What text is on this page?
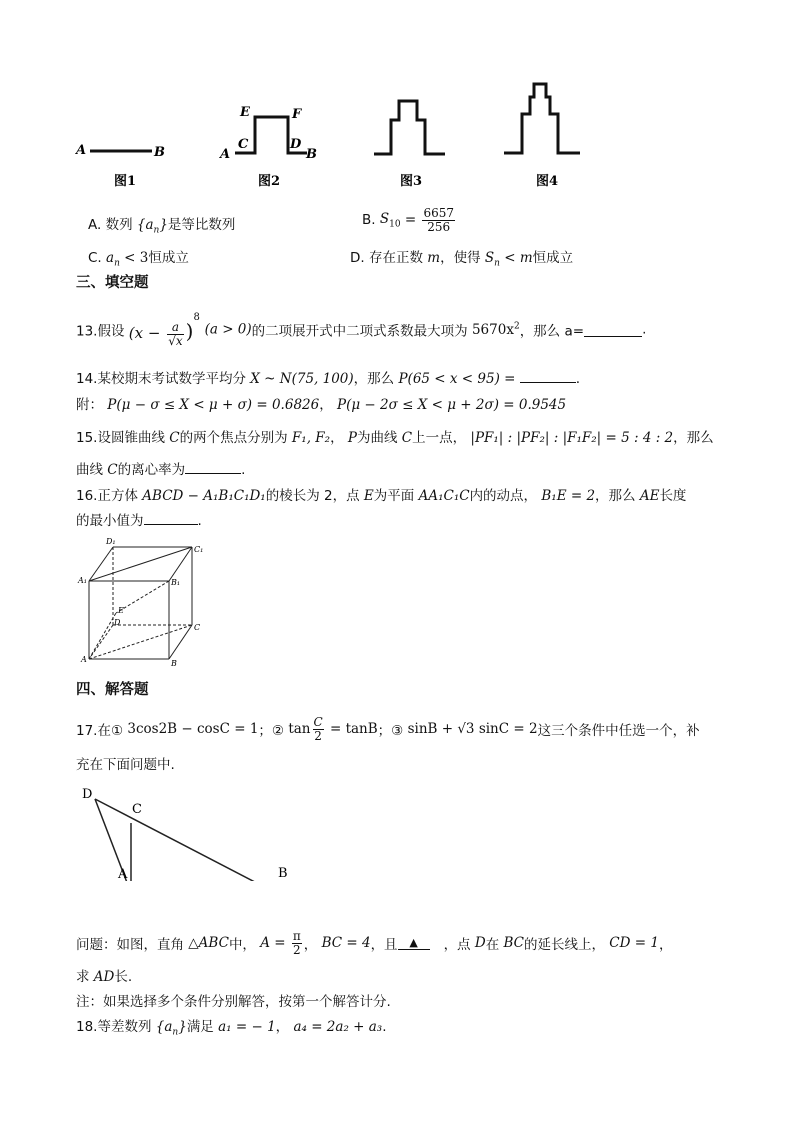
A	B	A
C
E	F
D
B
图1	图2	图3	图4
A. 数列 $\{a_n\}$是等比数列	B. $S_{10} = \frac{6657}{256}$
C. $a_n < 3$恒成立	D. 存在正数 m，使得 $S_n < m$恒成立
三、填空题
13.假设 $(x - \frac{a}{√x} )^8$ (a > 0)的二项展开式中二项式系数最大项为 $5670x^2$，那么 a=	.
14.某校期末考试数学平均分 X ~ N(75, 100)，那么 P(65 < x < 95) =	.
附： P(μ − σ ≤ X < μ + σ) = 0.6826， P(μ − 2σ ≤ X < μ + 2σ) = 0.9545
15.设圆锥曲线 C的两个焦点分别为 F₁, F₂， P为曲线 C上一点， |PF₁| : |PF₂| : |F₁F₂| = 5 : 4 : 2，那么
曲线 C的离心率为	.
16.正方体 ABCD − A₁B₁C₁D₁的棱长为 2，点 E为平面 AA₁C₁C内的动点， B₁E = 2，那么 AE长度
的最小值为	.
D₁
C₁
A₁	B₁
E
D
C
A	B
四、解答题
17.在① 3cos2B − cosC = 1；② $\tan \frac{C}{2} = \tan B$；③ sinB + √3 sinC = 2这三个条件中任选一个，补
充在下面问题中.
D
C
A	B
问题：如图，直角 △ABC中， $A = \frac{\pi}{2}$ ， BC = 4，且 ▲ ，点 D在 BC的延长线上， CD = 1，
求 AD长.
注：如果选择多个条件分别解答，按第一个解答计分.
18.等差数列 $\{a_n\}$满足 a₁ = − 1， a₄ = 2a₂ + a₃.
